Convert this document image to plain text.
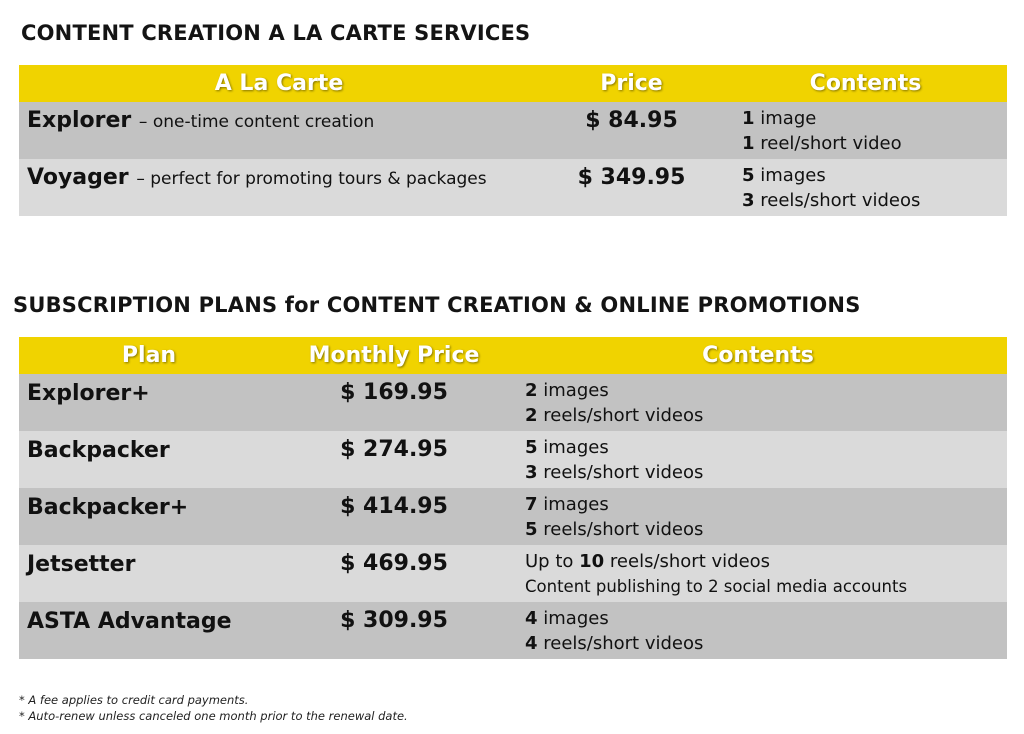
CONTENT CREATION A LA CARTE SERVICES
A La Carte	Price	Contents
Explorer – one-time content creation	$ 84.95	1 image
1 reel/short video

Voyager – perfect for promoting tours & packages	$ 349.95	5 images
3 reels/short videos
SUBSCRIPTION PLANS for CONTENT CREATION & ONLINE PROMOTIONS
Plan	Monthly Price	Contents
Explorer+	$ 169.95	2 images
2 reels/short videos

Backpacker	$ 274.95	5 images
3 reels/short videos

Backpacker+	$ 414.95	7 images
5 reels/short videos

Jetsetter	$ 469.95	Up to 10 reels/short videos
Content publishing to 2 social media accounts

ASTA Advantage	$ 309.95	4 images
4 reels/short videos
* A fee applies to credit card payments.
* Auto-renew unless canceled one month prior to the renewal date.
